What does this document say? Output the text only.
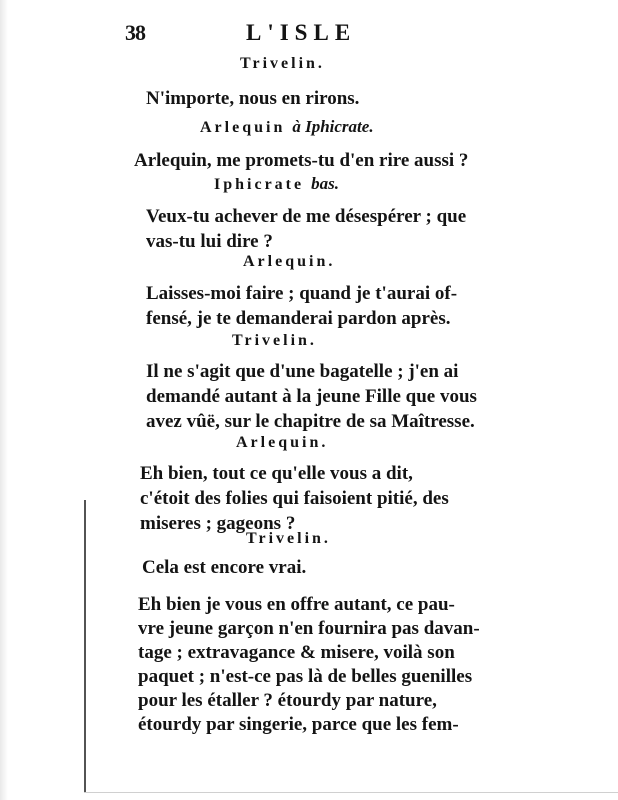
38	L'ISLE
Trivelin.
N'importe, nous en rirons.
Arlequin à Iphicrate.
Arlequin, me promets-tu d'en rire aussi ?
Iphicrate bas.
Veux-tu achever de me désespérer ; que
vas-tu lui dire ?
Arlequin.
Laisses-moi faire ; quand je t'aurai of-
fensé, je te demanderai pardon après.
Trivelin.
Il ne s'agit que d'une bagatelle ; j'en ai
demandé autant à la jeune Fille que vous
avez vûë, sur le chapitre de sa Maîtresse.
Arlequin.
Eh bien, tout ce qu'elle vous a dit,
c'étoit des folies qui faisoient pitié, des
miseres ; gageons ?
Trivelin.
Cela est encore vrai.
Eh bien je vous en offre autant, ce pau-
vre jeune garçon n'en fournira pas davan-
tage ; extravagance & misere, voilà son
paquet ; n'est-ce pas là de belles guenilles
pour les étaller ? étourdy par nature,
étourdy par singerie, parce que les fem-
